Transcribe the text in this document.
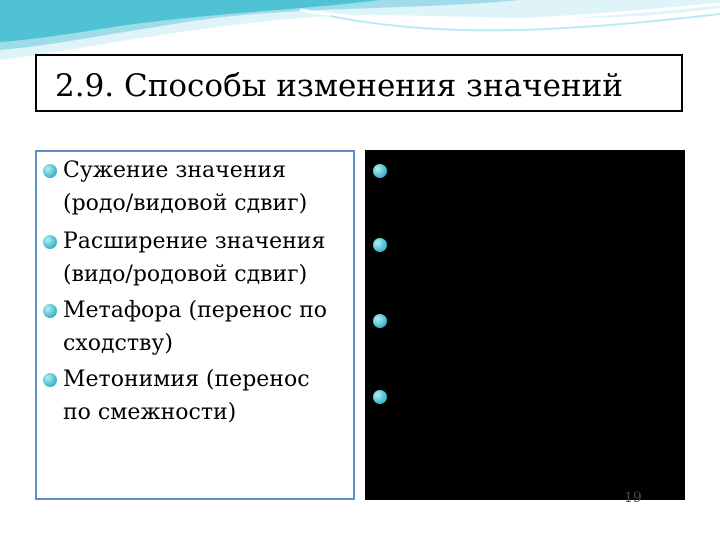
2.9. Способы изменения значений
Сужение значения
(родо/видовой сдвиг)
Расширение значения
(видо/родовой сдвиг)
Метафора (перенос по
сходству)
Метонимия (перенос
по смежности)
A > Ab (муж пришел)
Ab > A (стирать белье)
Ac > Bc (золото волос)
A (b) > B a (весь табор
спит)
19
